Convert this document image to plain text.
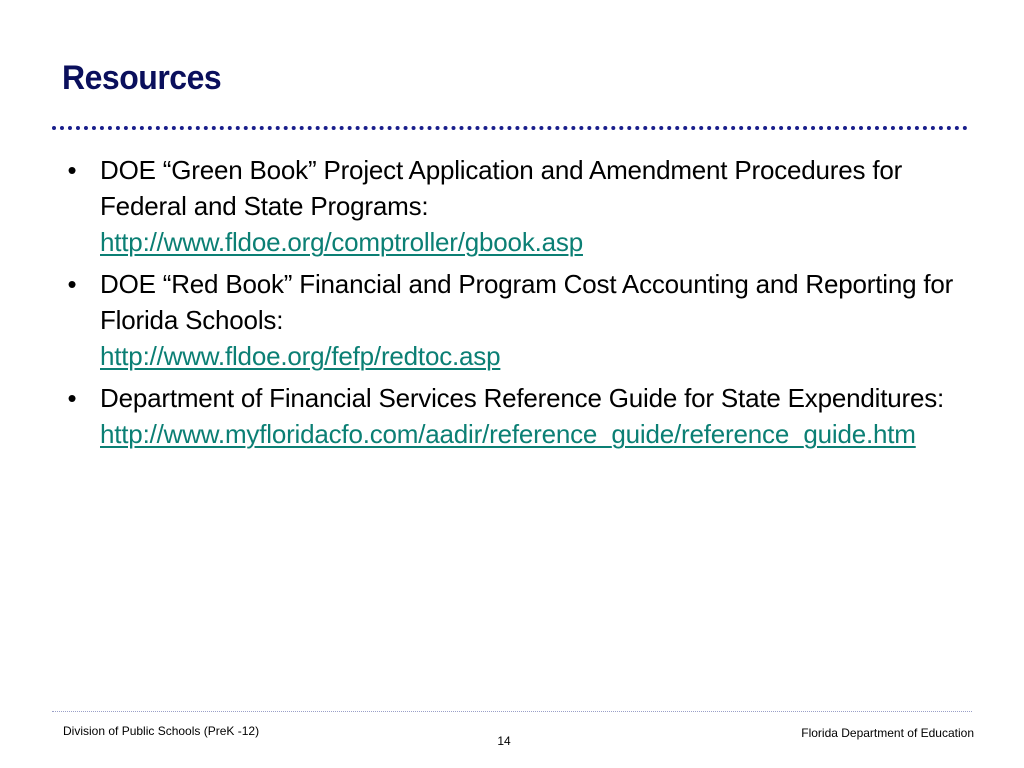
Resources
• DOE “Green Book” Project Application and Amendment Procedures for Federal and State Programs:
http://www.fldoe.org/comptroller/gbook.asp
• DOE “Red Book” Financial and Program Cost Accounting and Reporting for Florida Schools:
http://www.fldoe.org/fefp/redtoc.asp
• Department of Financial Services Reference Guide for State Expenditures:
http://www.myfloridacfo.com/aadir/reference_guide/reference_guide.htm
Division of Public Schools (PreK -12)
14
Florida Department of Education
